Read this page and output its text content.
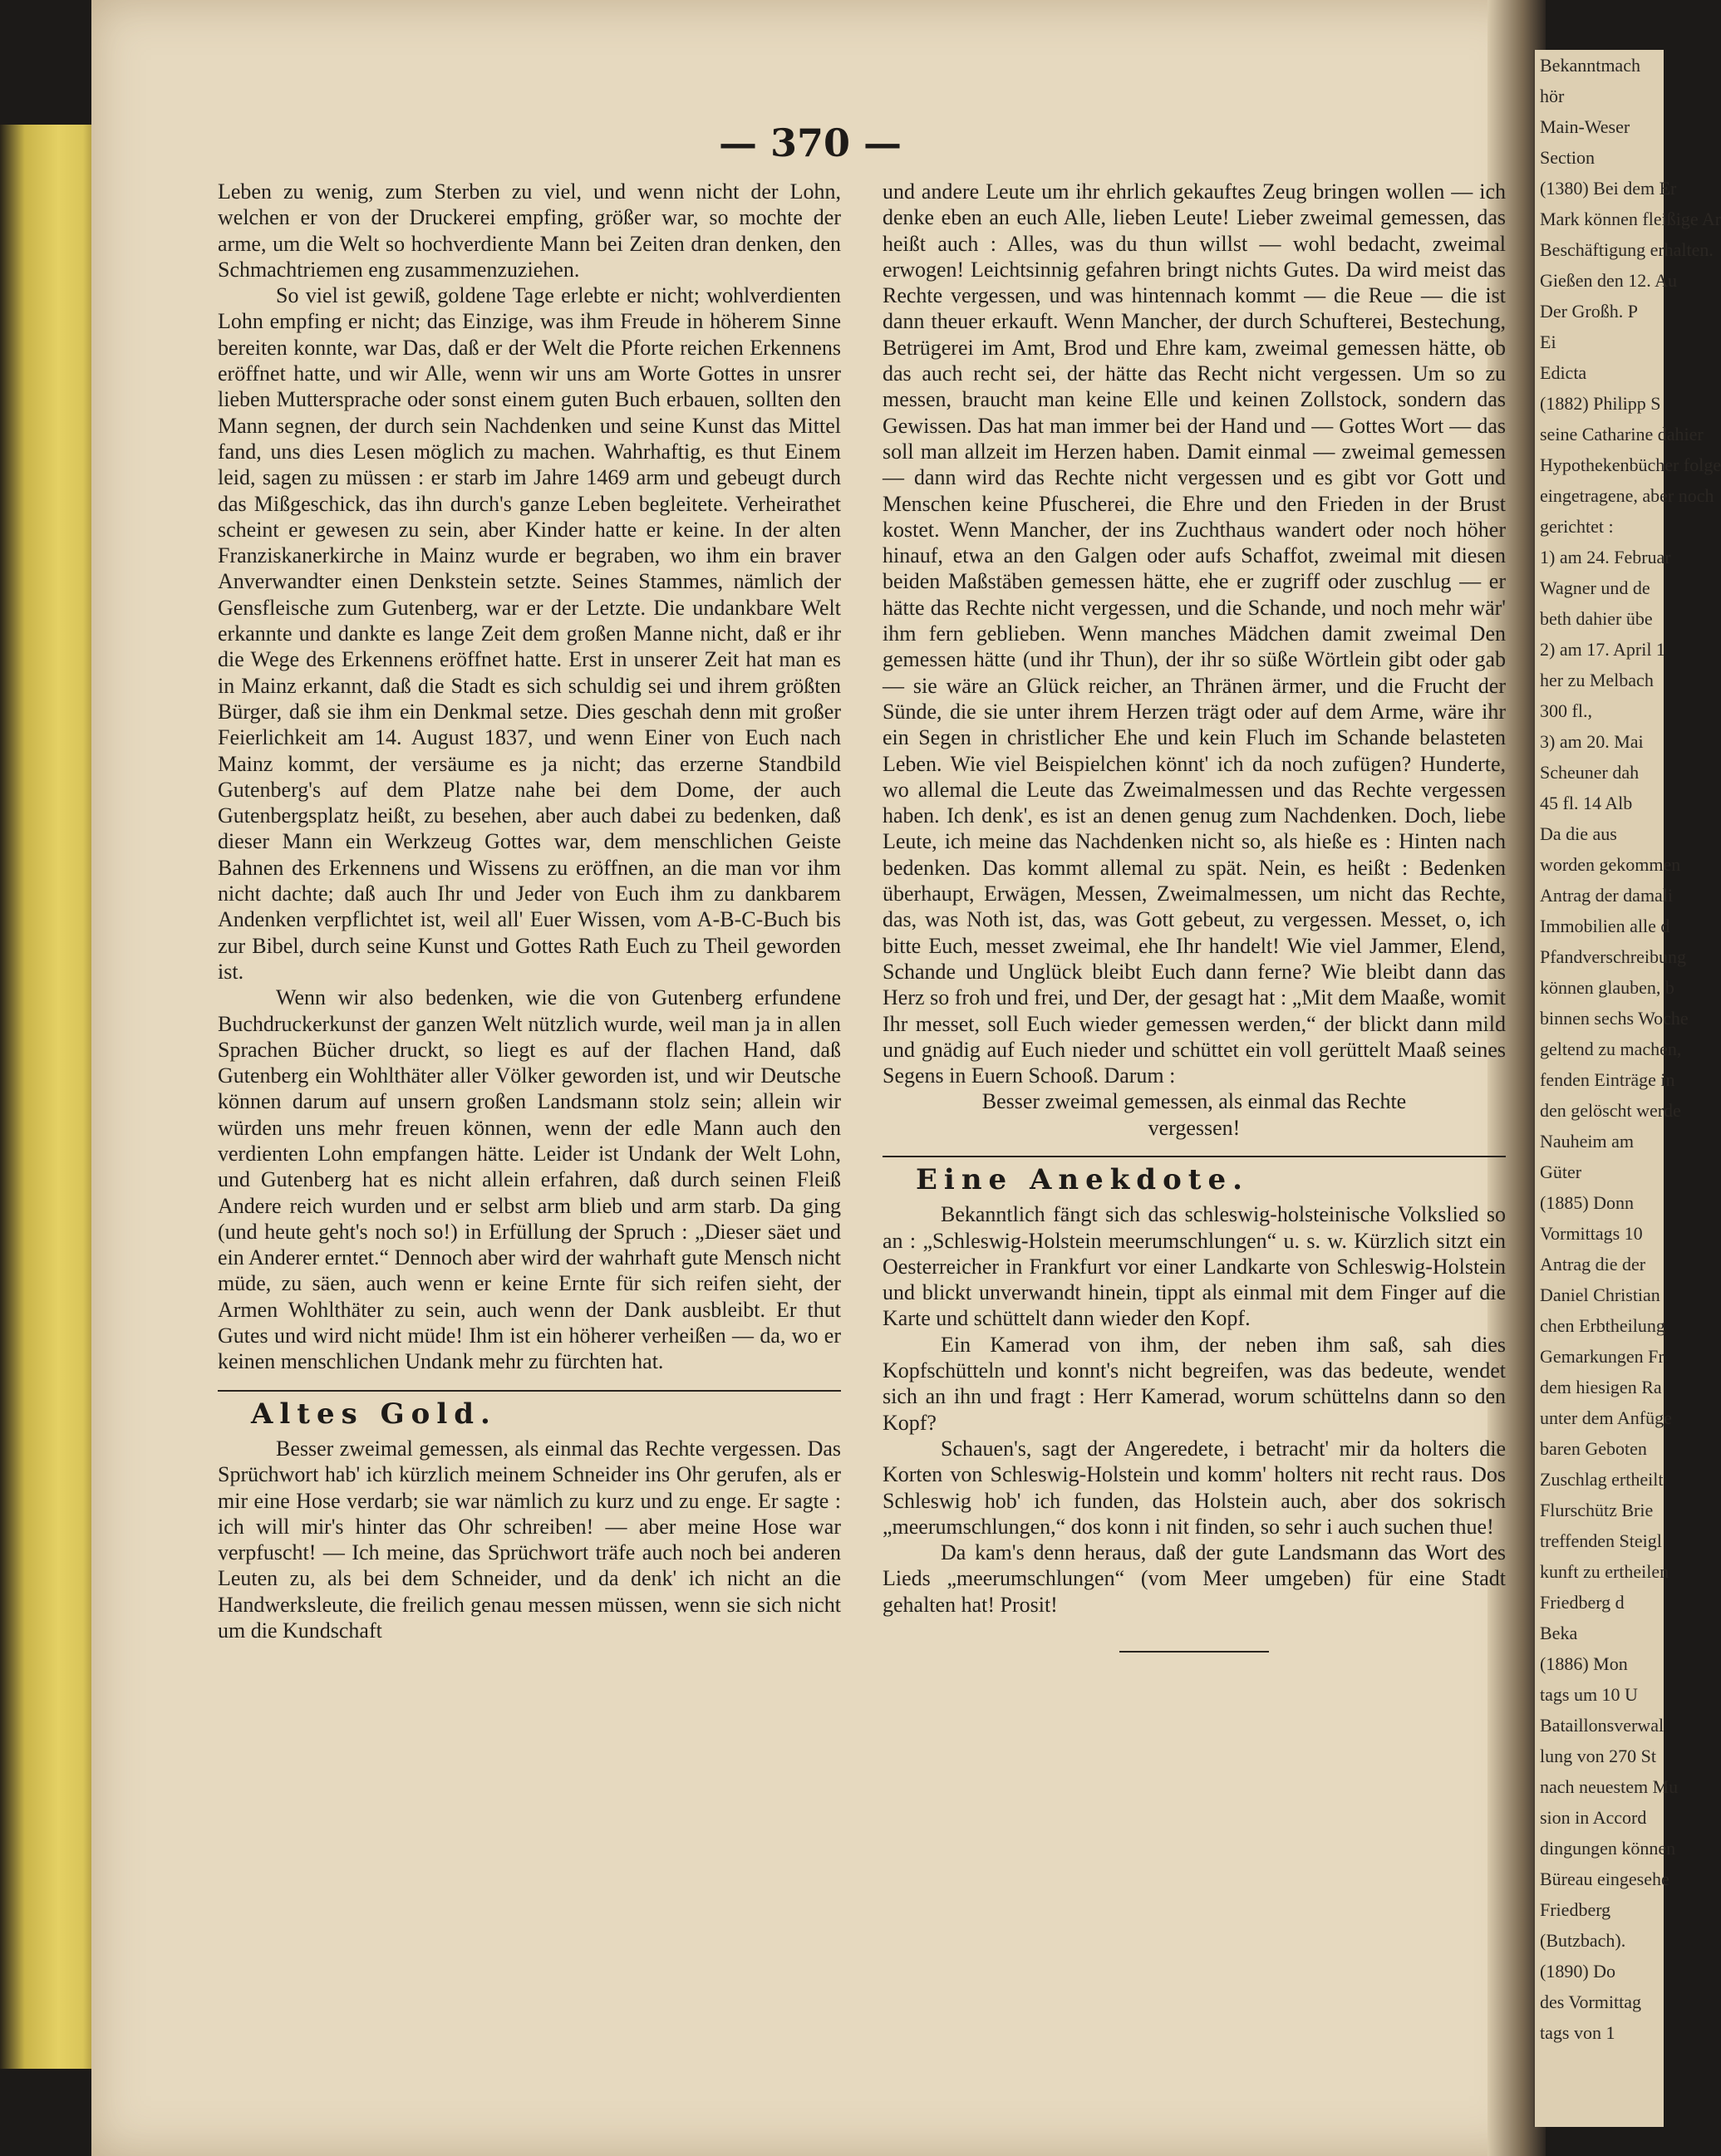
Bekanntmach
hör
Main-Weser
Section
(1380) Bei dem Er
Mark können fleißige Ar
Beschäftigung erhalten.
Gießen den 12. Au
Der Großh. P
Ei
Edicta
(1882) Philipp S
seine Catharine dahier
Hypothekenbücher folge
eingetragene, aber noch
gerichtet :
1) am 24. Februar
Wagner und de
beth dahier übe
2) am 17. April 1
her zu Melbach
300 fl.,
3) am 20. Mai
Scheuner dah
45 fl. 14 Alb
Da die aus
worden gekommen
Antrag der damali
Immobilien alle d
Pfandverschreibung
können glauben, b
binnen sechs Woche
geltend zu machen,
fenden Einträge in
den gelöscht werde
Nauheim am
Güter
(1885) Donn
Vormittags 10
Antrag die der
Daniel Christian
chen Erbtheilung
Gemarkungen Fr
dem hiesigen Ra
unter dem Anfüge
baren Geboten
Zuschlag ertheilt
Flurschütz Brie
treffenden Steigl
kunft zu ertheilen
Friedberg d
Beka
(1886) Mon
tags um 10 U
Bataillonsverwal
lung von 270 St
nach neuestem Mu
sion in Accord
dingungen können
Büreau eingesehe
Friedberg
(Butzbach).
(1890) Do
des Vormittag
tags von 1
— 370 —

Leben zu wenig, zum Sterben zu viel, und wenn nicht der Lohn, welchen er von der Druckerei empfing, größer war, so mochte der arme, um die Welt so hochverdiente Mann bei Zeiten dran denken, den Schmachtriemen eng zusammenzuziehen.

So viel ist gewiß, goldene Tage erlebte er nicht; wohlverdienten Lohn empfing er nicht; das Einzige, was ihm Freude in höherem Sinne bereiten konnte, war Das, daß er der Welt die Pforte reichen Erkennens eröffnet hatte, und wir Alle, wenn wir uns am Worte Gottes in unsrer lieben Muttersprache oder sonst einem guten Buch erbauen, sollten den Mann segnen, der durch sein Nachdenken und seine Kunst das Mittel fand, uns dies Lesen möglich zu machen. Wahrhaftig, es thut Einem leid, sagen zu müssen : er starb im Jahre 1469 arm und gebeugt durch das Mißgeschick, das ihn durch's ganze Leben begleitete. Verheirathet scheint er gewesen zu sein, aber Kinder hatte er keine. In der alten Franziskanerkirche in Mainz wurde er begraben, wo ihm ein braver Anverwandter einen Denkstein setzte. Seines Stammes, nämlich der Gensfleische zum Gutenberg, war er der Letzte. Die undankbare Welt erkannte und dankte es lange Zeit dem großen Manne nicht, daß er ihr die Wege des Erkennens eröffnet hatte. Erst in unserer Zeit hat man es in Mainz erkannt, daß die Stadt es sich schuldig sei und ihrem größten Bürger, daß sie ihm ein Denkmal setze. Dies geschah denn mit großer Feierlichkeit am 14. August 1837, und wenn Einer von Euch nach Mainz kommt, der versäume es ja nicht; das erzerne Standbild Gutenberg's auf dem Platze nahe bei dem Dome, der auch Gutenbergsplatz heißt, zu besehen, aber auch dabei zu bedenken, daß dieser Mann ein Werkzeug Gottes war, dem menschlichen Geiste Bahnen des Erkennens und Wissens zu eröffnen, an die man vor ihm nicht dachte; daß auch Ihr und Jeder von Euch ihm zu dankbarem Andenken verpflichtet ist, weil all' Euer Wissen, vom A-B-C-Buch bis zur Bibel, durch seine Kunst und Gottes Rath Euch zu Theil geworden ist.

Wenn wir also bedenken, wie die von Gutenberg erfundene Buchdruckerkunst der ganzen Welt nützlich wurde, weil man ja in allen Sprachen Bücher druckt, so liegt es auf der flachen Hand, daß Gutenberg ein Wohlthäter aller Völker geworden ist, und wir Deutsche können darum auf unsern großen Landsmann stolz sein; allein wir würden uns mehr freuen können, wenn der edle Mann auch den verdienten Lohn empfangen hätte. Leider ist Undank der Welt Lohn, und Gutenberg hat es nicht allein erfahren, daß durch seinen Fleiß Andere reich wurden und er selbst arm blieb und arm starb. Da ging (und heute geht's noch so!) in Erfüllung der Spruch : „Dieser säet und ein Anderer erntet.“ Dennoch aber wird der wahrhaft gute Mensch nicht müde, zu säen, auch wenn er keine Ernte für sich reifen sieht, der Armen Wohlthäter zu sein, auch wenn der Dank ausbleibt. Er thut Gutes und wird nicht müde! Ihm ist ein höherer verheißen — da, wo er keinen menschlichen Undank mehr zu fürchten hat.

Altes Gold.

Besser zweimal gemessen, als einmal das Rechte vergessen. Das Sprüchwort hab' ich kürzlich meinem Schneider ins Ohr gerufen, als er mir eine Hose verdarb; sie war nämlich zu kurz und zu enge. Er sagte : ich will mir's hinter das Ohr schreiben! — aber meine Hose war verpfuscht! — Ich meine, das Sprüchwort träfe auch noch bei anderen Leuten zu, als bei dem Schneider, und da denk' ich nicht an die Handwerksleute, die freilich genau messen müssen, wenn sie sich nicht um die Kundschaft

und andere Leute um ihr ehrlich gekauftes Zeug bringen wollen — ich denke eben an euch Alle, lieben Leute! Lieber zweimal gemessen, das heißt auch : Alles, was du thun willst — wohl bedacht, zweimal erwogen! Leichtsinnig gefahren bringt nichts Gutes. Da wird meist das Rechte vergessen, und was hintennach kommt — die Reue — die ist dann theuer erkauft. Wenn Mancher, der durch Schufterei, Bestechung, Betrügerei im Amt, Brod und Ehre kam, zweimal gemessen hätte, ob das auch recht sei, der hätte das Recht nicht vergessen. Um so zu messen, braucht man keine Elle und keinen Zollstock, sondern das Gewissen. Das hat man immer bei der Hand und — Gottes Wort — das soll man allzeit im Herzen haben. Damit einmal — zweimal gemessen — dann wird das Rechte nicht vergessen und es gibt vor Gott und Menschen keine Pfuscherei, die Ehre und den Frieden in der Brust kostet. Wenn Mancher, der ins Zuchthaus wandert oder noch höher hinauf, etwa an den Galgen oder aufs Schaffot, zweimal mit diesen beiden Maßstäben gemessen hätte, ehe er zugriff oder zuschlug — er hätte das Rechte nicht vergessen, und die Schande, und noch mehr wär' ihm fern geblieben. Wenn manches Mädchen damit zweimal Den gemessen hätte (und ihr Thun), der ihr so süße Wörtlein gibt oder gab — sie wäre an Glück reicher, an Thränen ärmer, und die Frucht der Sünde, die sie unter ihrem Herzen trägt oder auf dem Arme, wäre ihr ein Segen in christlicher Ehe und kein Fluch im Schande belasteten Leben. Wie viel Beispielchen könnt' ich da noch zufügen? Hunderte, wo allemal die Leute das Zweimalmessen und das Rechte vergessen haben. Ich denk', es ist an denen genug zum Nachdenken. Doch, liebe Leute, ich meine das Nachdenken nicht so, als hieße es : Hinten nach bedenken. Das kommt allemal zu spät. Nein, es heißt : Bedenken überhaupt, Erwägen, Messen, Zweimalmessen, um nicht das Rechte, das, was Noth ist, das, was Gott gebeut, zu vergessen. Messet, o, ich bitte Euch, messet zweimal, ehe Ihr handelt! Wie viel Jammer, Elend, Schande und Unglück bleibt Euch dann ferne? Wie bleibt dann das Herz so froh und frei, und Der, der gesagt hat : „Mit dem Maaße, womit Ihr messet, soll Euch wieder gemessen werden,“ der blickt dann mild und gnädig auf Euch nieder und schüttet ein voll gerüttelt Maaß seines Segens in Euern Schooß. Darum :

Besser zweimal gemessen, als einmal das Rechte

vergessen!

Eine Anekdote.

Bekanntlich fängt sich das schleswig-holsteinische Volkslied so an : „Schleswig-Holstein meerumschlungen“ u. s. w. Kürzlich sitzt ein Oesterreicher in Frankfurt vor einer Landkarte von Schleswig-Holstein und blickt unverwandt hinein, tippt als einmal mit dem Finger auf die Karte und schüttelt dann wieder den Kopf.

Ein Kamerad von ihm, der neben ihm saß, sah dies Kopfschütteln und konnt's nicht begreifen, was das bedeute, wendet sich an ihn und fragt : Herr Kamerad, worum schüttelns dann so den Kopf?

Schauen's, sagt der Angeredete, i betracht' mir da holters die Korten von Schleswig-Holstein und komm' holters nit recht raus. Dos Schleswig hob' ich funden, das Holstein auch, aber dos sokrisch „meerumschlungen,“ dos konn i nit finden, so sehr i auch suchen thue!

Da kam's denn heraus, daß der gute Landsmann das Wort des Lieds „meerumschlungen“ (vom Meer umgeben) für eine Stadt gehalten hat! Prosit!
